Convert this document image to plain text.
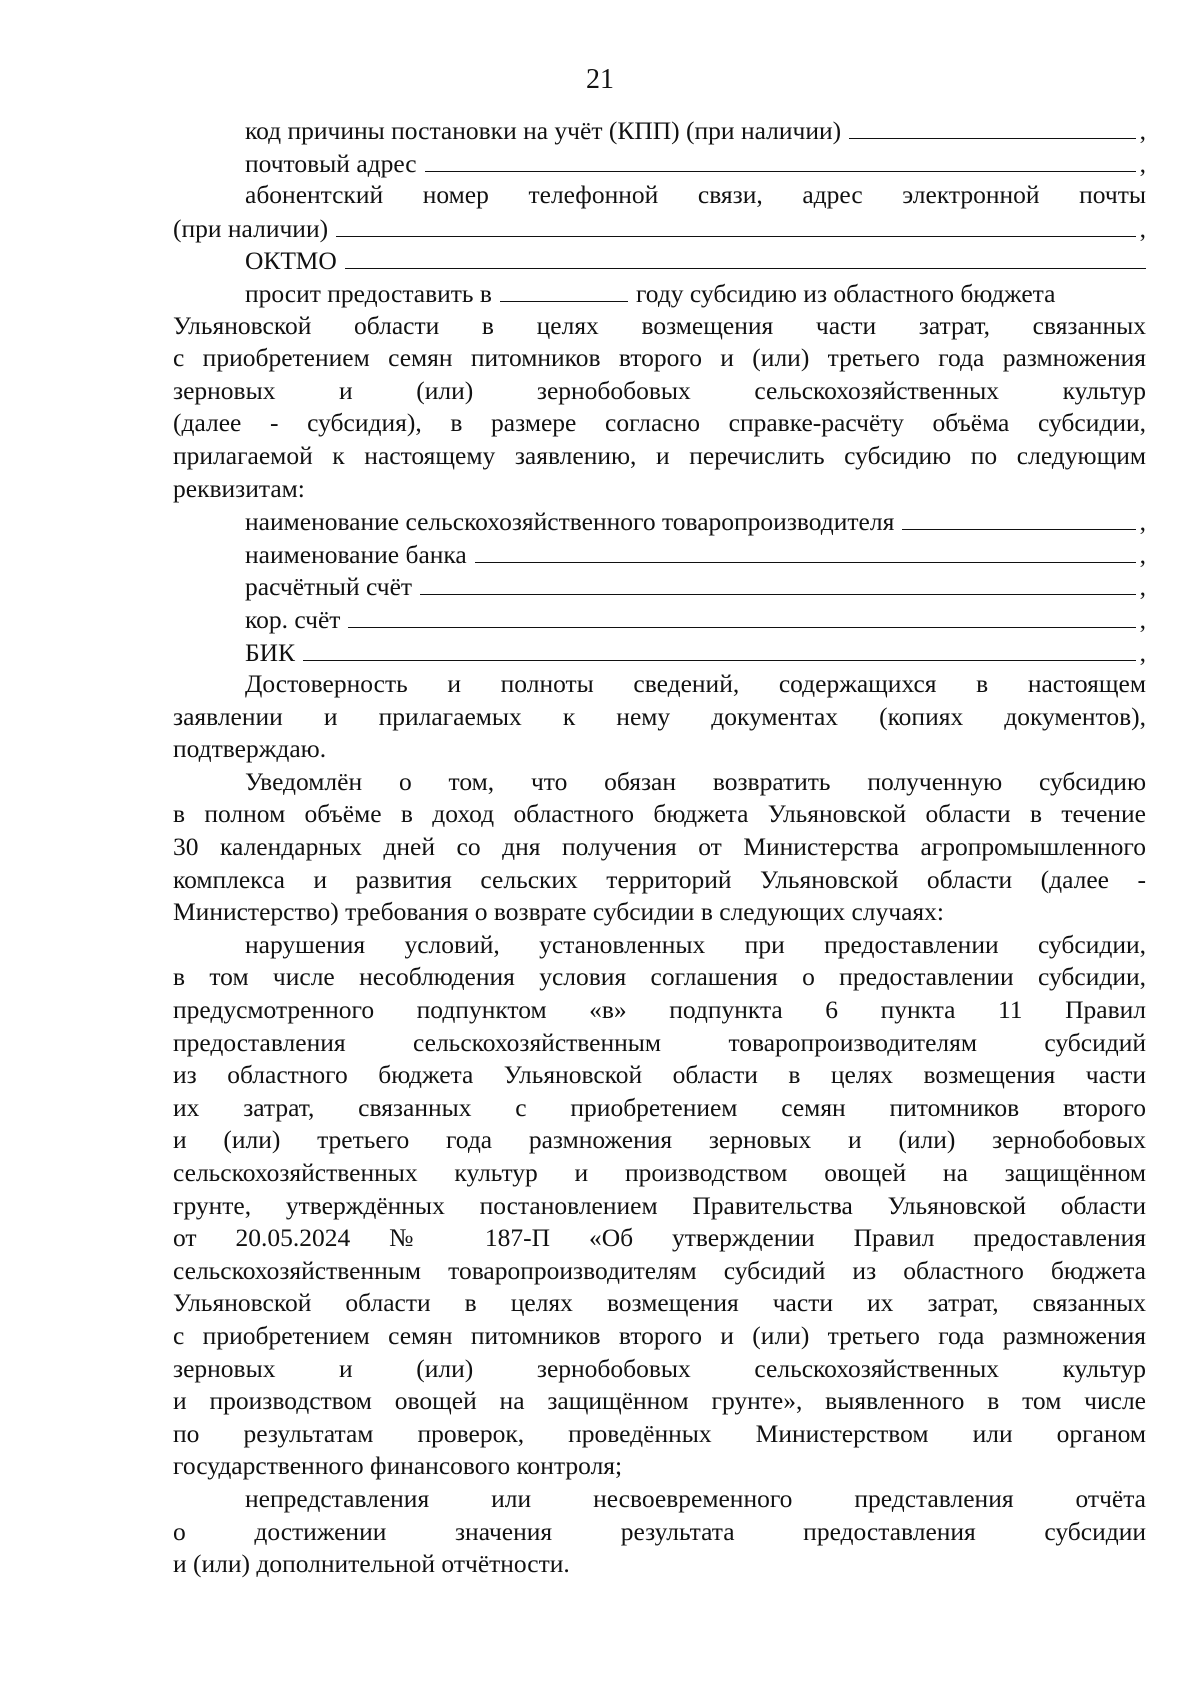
21
код причины постановки на учёт (КПП) (при наличии)	,
почтовый адрес	,
абонентский номер телефонной связи, адрес электронной почты
(при наличии)	,
ОКТМО
просит предоставить в	году субсидию из областного бюджета
Ульяновской области в целях возмещения части затрат, связанных
с приобретением семян питомников второго и (или) третьего года размножения
зерновых и (или) зернобобовых сельскохозяйственных культур
(далее - субсидия), в размере согласно справке-расчёту объёма субсидии,
прилагаемой к настоящему заявлению, и перечислить субсидию по следующим
реквизитам:
наименование сельскохозяйственного товаропроизводителя	,
наименование банка	,
расчётный счёт	,
кор. счёт	,
БИК	,
Достоверность и полноты сведений, содержащихся в настоящем
заявлении и прилагаемых к нему документах (копиях документов),
подтверждаю.
Уведомлён о том, что обязан возвратить полученную субсидию
в полном объёме в доход областного бюджета Ульяновской области в течение
30 календарных дней со дня получения от Министерства агропромышленного
комплекса и развития сельских территорий Ульяновской области (далее -
Министерство) требования о возврате субсидии в следующих случаях:
нарушения условий, установленных при предоставлении субсидии,
в том числе несоблюдения условия соглашения о предоставлении субсидии,
предусмотренного подпунктом «в» подпункта 6 пункта 11 Правил
предоставления сельскохозяйственным товаропроизводителям субсидий
из областного бюджета Ульяновской области в целях возмещения части
их затрат, связанных с приобретением семян питомников второго
и (или) третьего года размножения зерновых и (или) зернобобовых
сельскохозяйственных культур и производством овощей на защищённом
грунте, утверждённых постановлением Правительства Ульяновской области
от 20.05.2024 № 187-П «Об утверждении Правил предоставления
сельскохозяйственным товаропроизводителям субсидий из областного бюджета
Ульяновской области в целях возмещения части их затрат, связанных
с приобретением семян питомников второго и (или) третьего года размножения
зерновых и (или) зернобобовых сельскохозяйственных культур
и производством овощей на защищённом грунте», выявленного в том числе
по результатам проверок, проведённых Министерством или органом
государственного финансового контроля;
непредставления или несвоевременного представления отчёта
о достижении значения результата предоставления субсидии
и (или) дополнительной отчётности.
